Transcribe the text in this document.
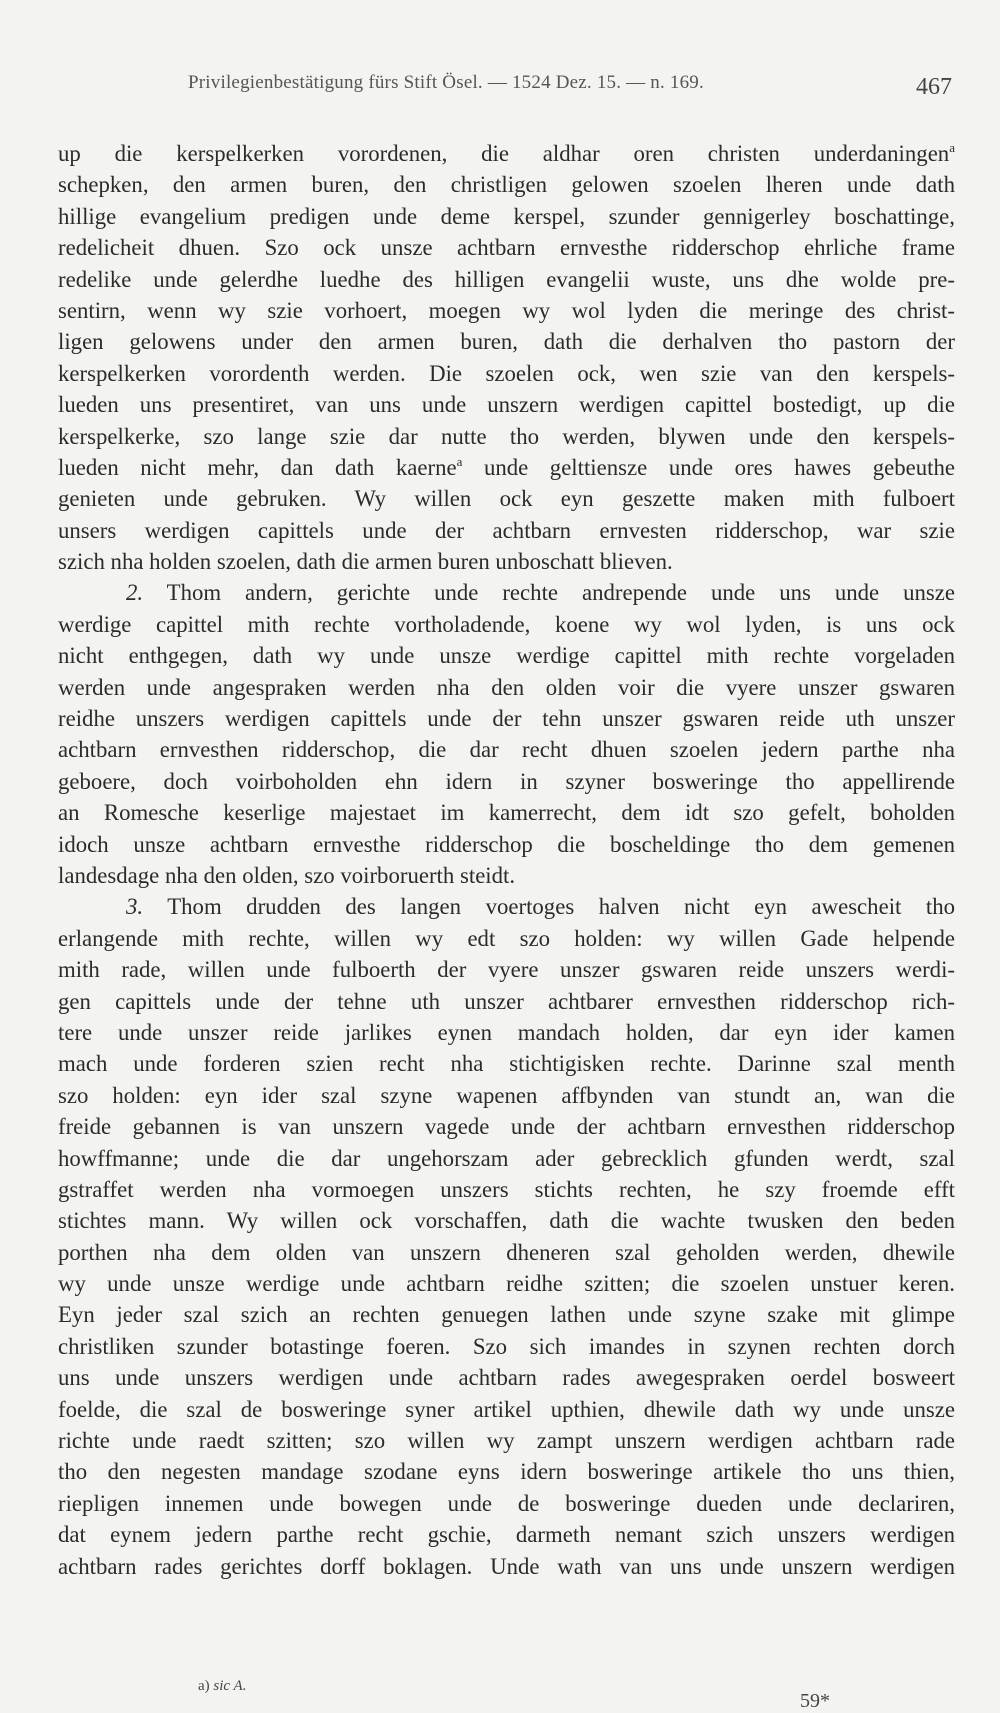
Privilegienbestätigung fürs Stift Ösel. — 1524 Dez. 15. — n. 169.	467
up die kerspelkerken vorordenen, die aldhar oren christen underdaningen$^a$
schepken, den armen buren, den christligen gelowen szoelen lheren unde dath
hillige evangelium predigen unde deme kerspel, szunder gennigerley boschattinge,
redelicheit dhuen. Szo ock unsze achtbarn ernvesthe ridderschop ehrliche frame
redelike unde gelerdhe luedhe des hilligen evangelii wuste, uns dhe wolde pre-
sentirn, wenn wy szie vorhoert, moegen wy wol lyden die meringe des christ-
ligen gelowens under den armen buren, dath die derhalven tho pastorn der
kerspelkerken vorordenth werden. Die szoelen ock, wen szie van den kerspels-
lueden uns presentiret, van uns unde unszern werdigen capittel bostedigt, up die
kerspelkerke, szo lange szie dar nutte tho werden, blywen unde den kerspels-
lueden nicht mehr, dan dath kaerne$^a$ unde gelttiensze unde ores hawes gebeuthe
genieten unde gebruken. Wy willen ock eyn geszette maken mith fulboert
unsers werdigen capittels unde der achtbarn ernvesten ridderschop, war szie
szich nha holden szoelen, dath die armen buren unboschatt blieven.
2. Thom andern, gerichte unde rechte andrepende unde uns unde unsze
werdige capittel mith rechte vortholadende, koene wy wol lyden, is uns ock
nicht enthgegen, dath wy unde unsze werdige capittel mith rechte vorgeladen
werden unde angespraken werden nha den olden voir die vyere unszer gswaren
reidhe unszers werdigen capittels unde der tehn unszer gswaren reide uth unszer
achtbarn ernvesthen ridderschop, die dar recht dhuen szoelen jedern parthe nha
geboere, doch voirboholden ehn idern in szyner bosweringe tho appellirende
an Romesche keserlige majestaet im kamerrecht, dem idt szo gefelt, boholden
idoch unsze achtbarn ernvesthe ridderschop die boscheldinge tho dem gemenen
landesdage nha den olden, szo voirboruerth steidt.
3. Thom drudden des langen voertoges halven nicht eyn awescheit tho
erlangende mith rechte, willen wy edt szo holden: wy willen Gade helpende
mith rade, willen unde fulboerth der vyere unszer gswaren reide unszers werdi-
gen capittels unde der tehne uth unszer achtbarer ernvesthen ridderschop rich-
tere unde unszer reide jarlikes eynen mandach holden, dar eyn ider kamen
mach unde forderen szien recht nha stichtigisken rechte. Darinne szal menth
szo holden: eyn ider szal szyne wapenen affbynden van stundt an, wan die
freide gebannen is van unszern vagede unde der achtbarn ernvesthen ridderschop
howffmanne; unde die dar ungehorszam ader gebrecklich gfunden werdt, szal
gstraffet werden nha vormoegen unszers stichts rechten, he szy froemde efft
stichtes mann. Wy willen ock vorschaffen, dath die wachte twusken den beden
porthen nha dem olden van unszern dheneren szal geholden werden, dhewile
wy unde unsze werdige unde achtbarn reidhe szitten; die szoelen unstuer keren.
Eyn jeder szal szich an rechten genuegen lathen unde szyne szake mit glimpe
christliken szunder botastinge foeren. Szo sich imandes in szynen rechten dorch
uns unde unszers werdigen unde achtbarn rades awegespraken oerdel bosweert
foelde, die szal de bosweringe syner artikel upthien, dhewile dath wy unde unsze
richte unde raedt szitten; szo willen wy zampt unszern werdigen achtbarn rade
tho den negesten mandage szodane eyns idern bosweringe artikele tho uns thien,
riepligen innemen unde bowegen unde de bosweringe dueden unde declariren,
dat eynem jedern parthe recht gschie, darmeth nemant szich unszers werdigen
achtbarn rades gerichtes dorff boklagen. Unde wath van uns unde unszern werdigen
a) sic A.
59*
